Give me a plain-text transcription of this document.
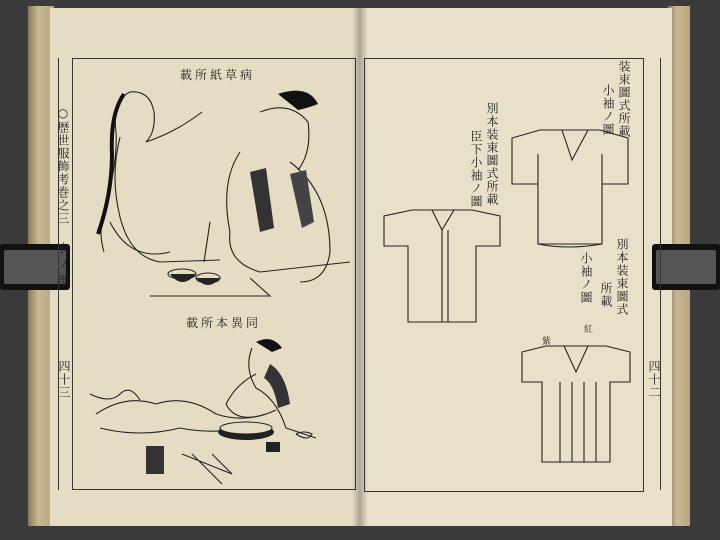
○歴世服飾考巻之三
衣ノ部
四十三
病草紙所載
同異本所載
四十二
装束圖式所載
小袖ノ圖
別本装束圖式所載
臣下小袖ノ圖
別本装束圖式
所載
小袖ノ圖
紫
紅
